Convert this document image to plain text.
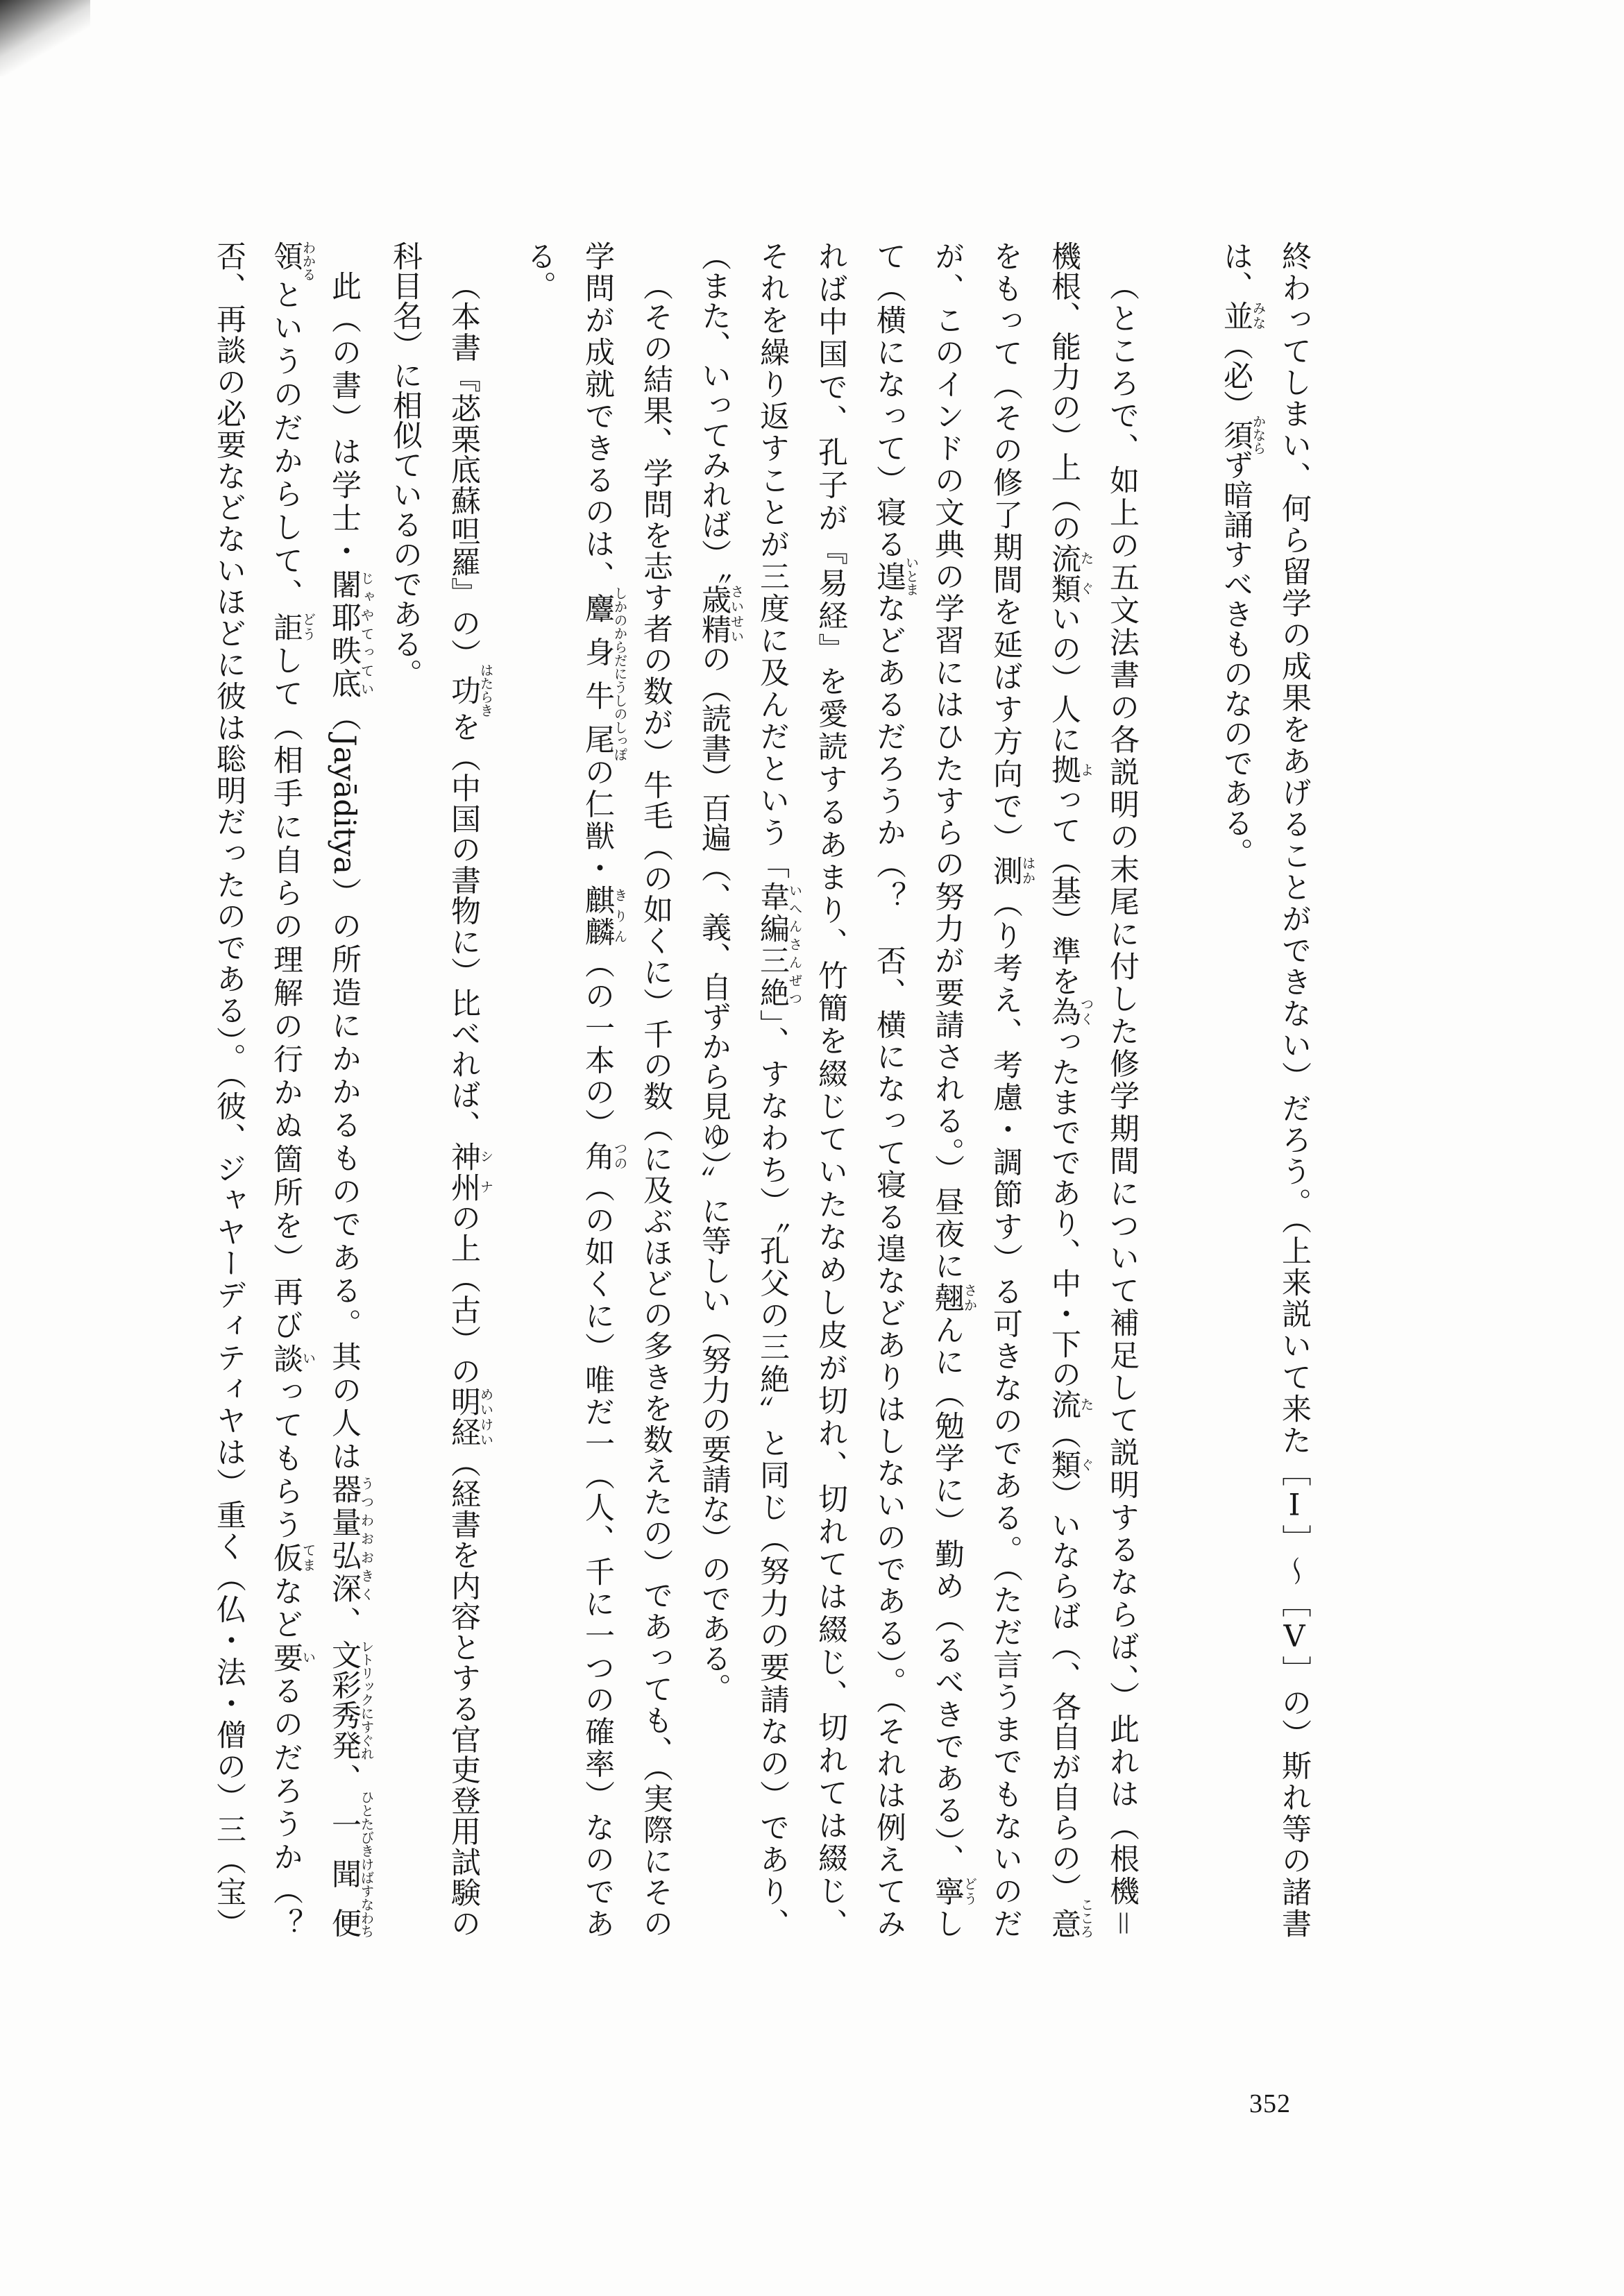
終わってしまい、何ら留学の成果をあげることができない）だろう。（上来説いて来た［Ⅰ］～［Ⅴ］の）斯れ等の諸書
は、並みな（必）須かならず暗誦すべきものなのである。
（ところで、如上の五文法書の各説明の末尾に付した修学期間について補足して説明するならば、）此れは（根機＝
機根、能力の）上（の流類たぐいの）人に拠よって（基）準を為つくったまでであり、中・下の流た（類ぐ）いならば（、各自が自らの）意こころ
をもって（その修了期間を延ばす方向で）測はか（り考え、考慮・調節す）る可きなのである。（ただ言うまでもないのだ
が、このインドの文典の学習にはひたすらの努力が要請される。）昼夜に翹さかんに（勉学に）勤め（るべきである）、寧どうし
て（横になって）寝る遑いとまなどあるだろうか（？　否、横になって寝る遑などありはしないのである）。（それは例えてみ
れば中国で、孔子が『易経』を愛読するあまり、竹簡を綴じていたなめし皮が切れ、切れては綴じ、切れては綴じ、
それを繰り返すことが三度に及んだという「韋編三絶いへんさんぜつ」、すなわち）〝孔父の三絶〟と同じ（努力の要請なの）であり、
（また、いってみれば）〝歳精さいせいの（読書）百遍（、義、自ずから見ゆ）〟に等しい（努力の要請な）のである。
（その結果、学問を志す者の数が）牛毛（の如くに）千の数（に及ぶほどの多きを数えたの）であっても、（実際にその
学問が成就できるのは、麞身牛尾しかのからだにうしのしっぽの仁獣・麒麟きりん（の一本の）角つの（の如くに）唯だ一（人、千に一つの確率）なのであ
る。
（本書『苾栗底蘇呾羅』の）功はたらきを（中国の書物に）比べれば、神州シナの上（古）の明経めいけい（経書を内容とする官吏登用試験の
科目名）に相似ているのである。
此（の書）は学士・闍耶昳底じゃやてってい（Jayāditya）の所造にかかるものである。其の人は器量弘深うつわおおきく、文彩秀発レトリックにすぐれ、一聞便ひとたびきけばすなわち
領わかるというのだからして、詎どうして（相手に自らの理解の行かぬ箇所を）再び談いってもらう仮てまなど要いるのだろうか（？
否、再談の必要などないほどに彼は聡明だったのである）。（彼、ジャヤーディティヤは）重く（仏・法・僧の）三（宝）
352
